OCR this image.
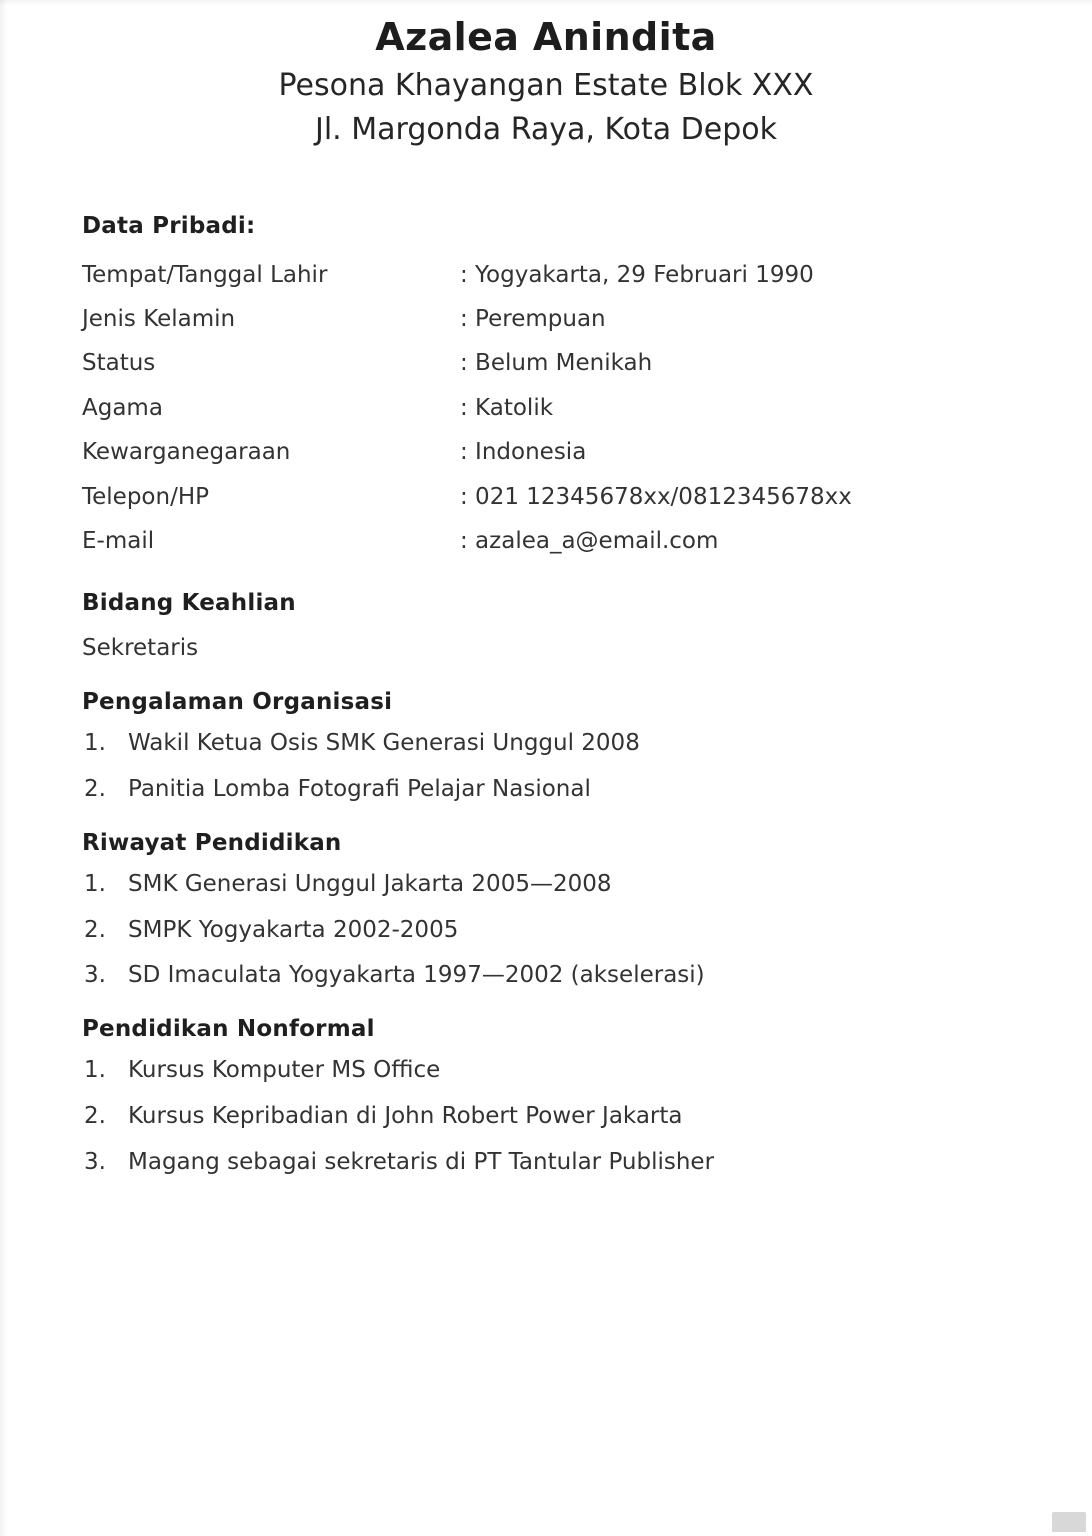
Azalea Anindita
Pesona Khayangan Estate Blok XXX
Jl. Margonda Raya, Kota Depok
Data Pribadi:
Tempat/Tanggal Lahir	: Yogyakarta, 29 Februari 1990
Jenis Kelamin	: Perempuan
Status	: Belum Menikah
Agama	: Katolik
Kewarganegaraan	: Indonesia
Telepon/HP	: 021 12345678xx/0812345678xx
E-mail	: azalea_a@email.com
Bidang Keahlian
Sekretaris
Pengalaman Organisasi
1. Wakil Ketua Osis SMK Generasi Unggul 2008
2. Panitia Lomba Fotografi Pelajar Nasional
Riwayat Pendidikan
1. SMK Generasi Unggul Jakarta 2005—2008
2. SMPK Yogyakarta 2002-2005
3. SD Imaculata Yogyakarta 1997—2002 (akselerasi)
Pendidikan Nonformal
1. Kursus Komputer MS Office
2. Kursus Kepribadian di John Robert Power Jakarta
3. Magang sebagai sekretaris di PT Tantular Publisher
